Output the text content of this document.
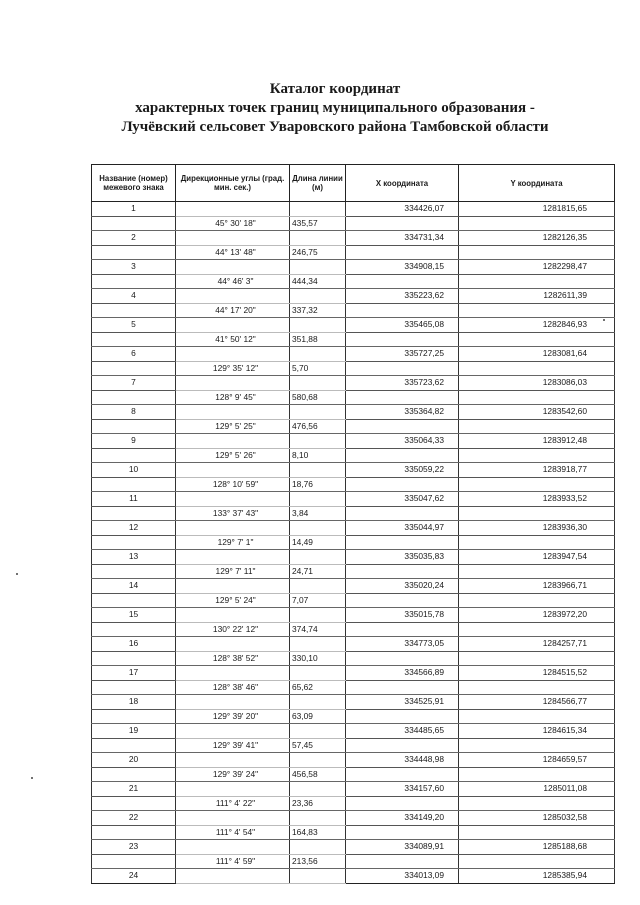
Каталог координат
характерных точек границ муниципального образования -
Лучёвский сельсовет Уваровского района Тамбовской области
Название (номер) межевого знака	Дирекционные углы (град. мин. сек.)	Длина линии (м)	X координата	Y координата
1			334426,07	1281815,65
	45° 30' 18"	435,57		
2			334731,34	1282126,35
	44° 13' 48"	246,75		
3			334908,15	1282298,47
	44° 46' 3"	444,34		
4			335223,62	1282611,39
	44° 17' 20"	337,32		
5			335465,08	1282846,93
	41° 50' 12"	351,88		
6			335727,25	1283081,64
	129° 35' 12"	5,70		
7			335723,62	1283086,03
	128° 9' 45"	580,68		
8			335364,82	1283542,60
	129° 5' 25"	476,56		
9			335064,33	1283912,48
	129° 5' 26"	8,10		
10			335059,22	1283918,77
	128° 10' 59"	18,76		
11			335047,62	1283933,52
	133° 37' 43"	3,84		
12			335044,97	1283936,30
	129° 7' 1"	14,49		
13			335035,83	1283947,54
	129° 7' 11"	24,71		
14			335020,24	1283966,71
	129° 5' 24"	7,07		
15			335015,78	1283972,20
	130° 22' 12"	374,74		
16			334773,05	1284257,71
	128° 38' 52"	330,10		
17			334566,89	1284515,52
	128° 38' 46"	65,62		
18			334525,91	1284566,77
	129° 39' 20"	63,09		
19			334485,65	1284615,34
	129° 39' 41"	57,45		
20			334448,98	1284659,57
	129° 39' 24"	456,58		
21			334157,60	1285011,08
	111° 4' 22"	23,36		
22			334149,20	1285032,58
	111° 4' 54"	164,83		
23			334089,91	1285188,68
	111° 4' 59"	213,56		
24			334013,09	1285385,94
